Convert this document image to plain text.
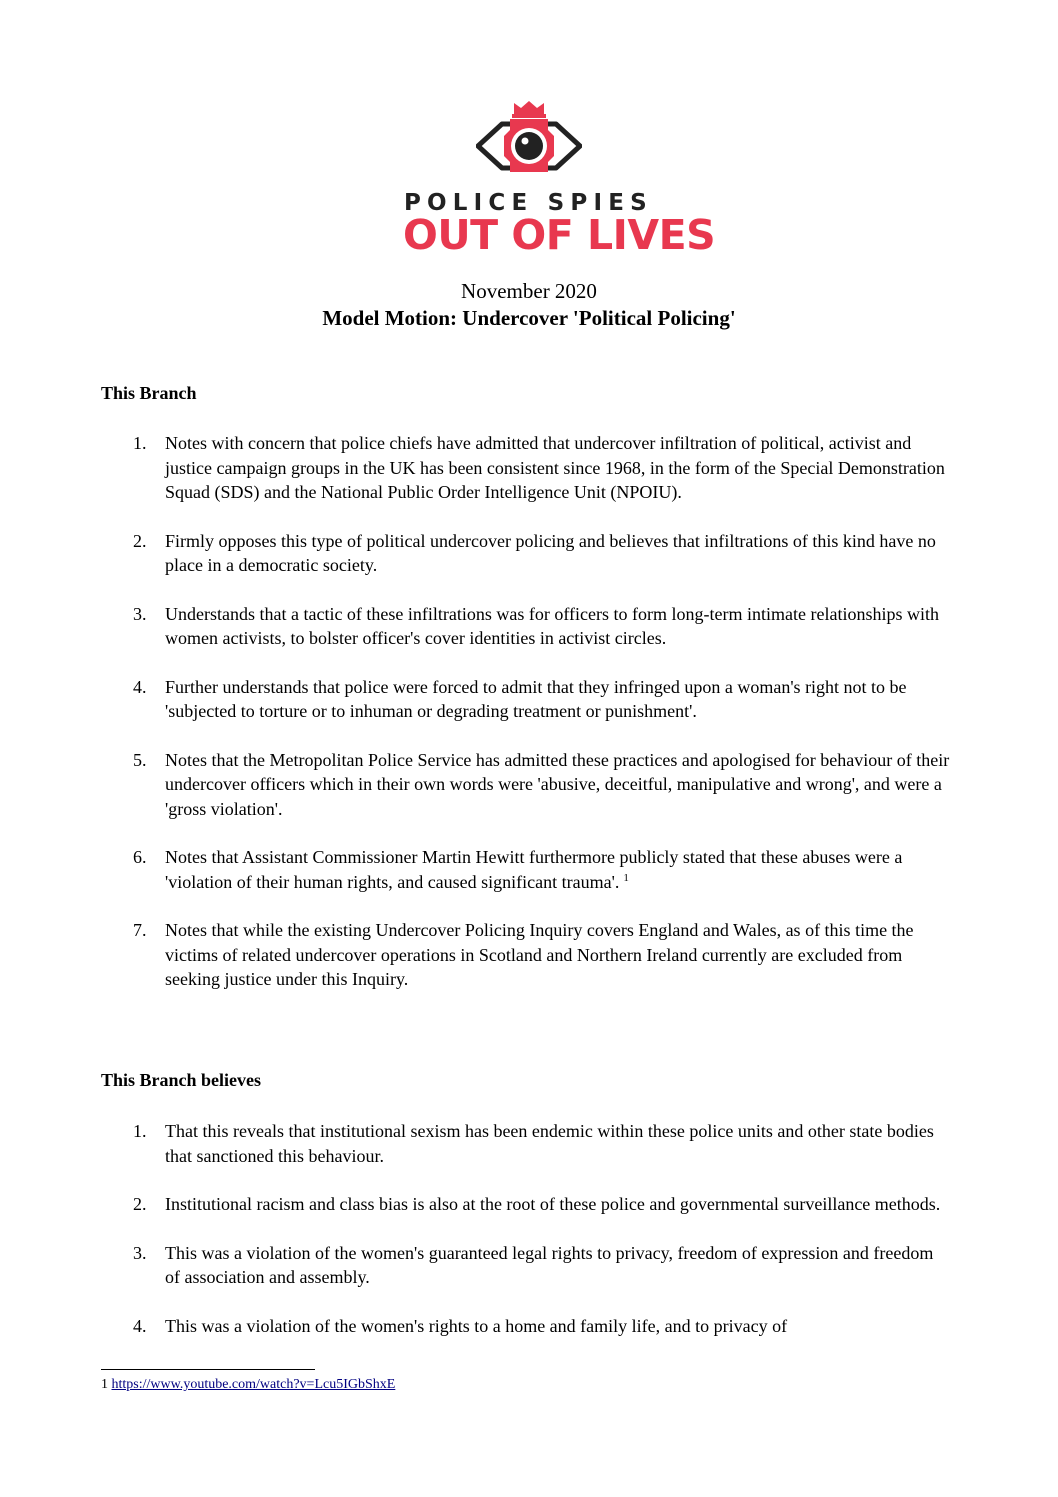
POLICE SPIES
OUT OF LIVES
November 2020
Model Motion: Undercover 'Political Policing'
This Branch
1. Notes with concern that police chiefs have admitted that undercover infiltration of political, activist and justice campaign groups in the UK has been consistent since 1968, in the form of the Special Demonstration Squad (SDS) and the National Public Order Intelligence Unit (NPOIU).
2. Firmly opposes this type of political undercover policing and believes that infiltrations of this kind have no place in a democratic society.
3. Understands that a tactic of these infiltrations was for officers to form long-term intimate relationships with women activists, to bolster officer's cover identities in activist circles.
4. Further understands that police were forced to admit that they infringed upon a woman's right not to be 'subjected to torture or to inhuman or degrading treatment or punishment'.
5. Notes that the Metropolitan Police Service has admitted these practices and apologised for behaviour of their undercover officers which in their own words were 'abusive, deceitful, manipulative and wrong', and were a 'gross violation'.
6. Notes that Assistant Commissioner Martin Hewitt furthermore publicly stated that these abuses were a 'violation of their human rights, and caused significant trauma'. $^1$
7. Notes that while the existing Undercover Policing Inquiry covers England and Wales, as of this time the victims of related undercover operations in Scotland and Northern Ireland currently are excluded from seeking justice under this Inquiry.
This Branch believes
1. That this reveals that institutional sexism has been endemic within these police units and other state bodies that sanctioned this behaviour.
2. Institutional racism and class bias is also at the root of these police and governmental surveillance methods.
3. This was a violation of the women's guaranteed legal rights to privacy, freedom of expression and freedom of association and assembly.
4. This was a violation of the women's rights to a home and family life, and to privacy of
1 https://www.youtube.com/watch?v=Lcu5IGbShxE
